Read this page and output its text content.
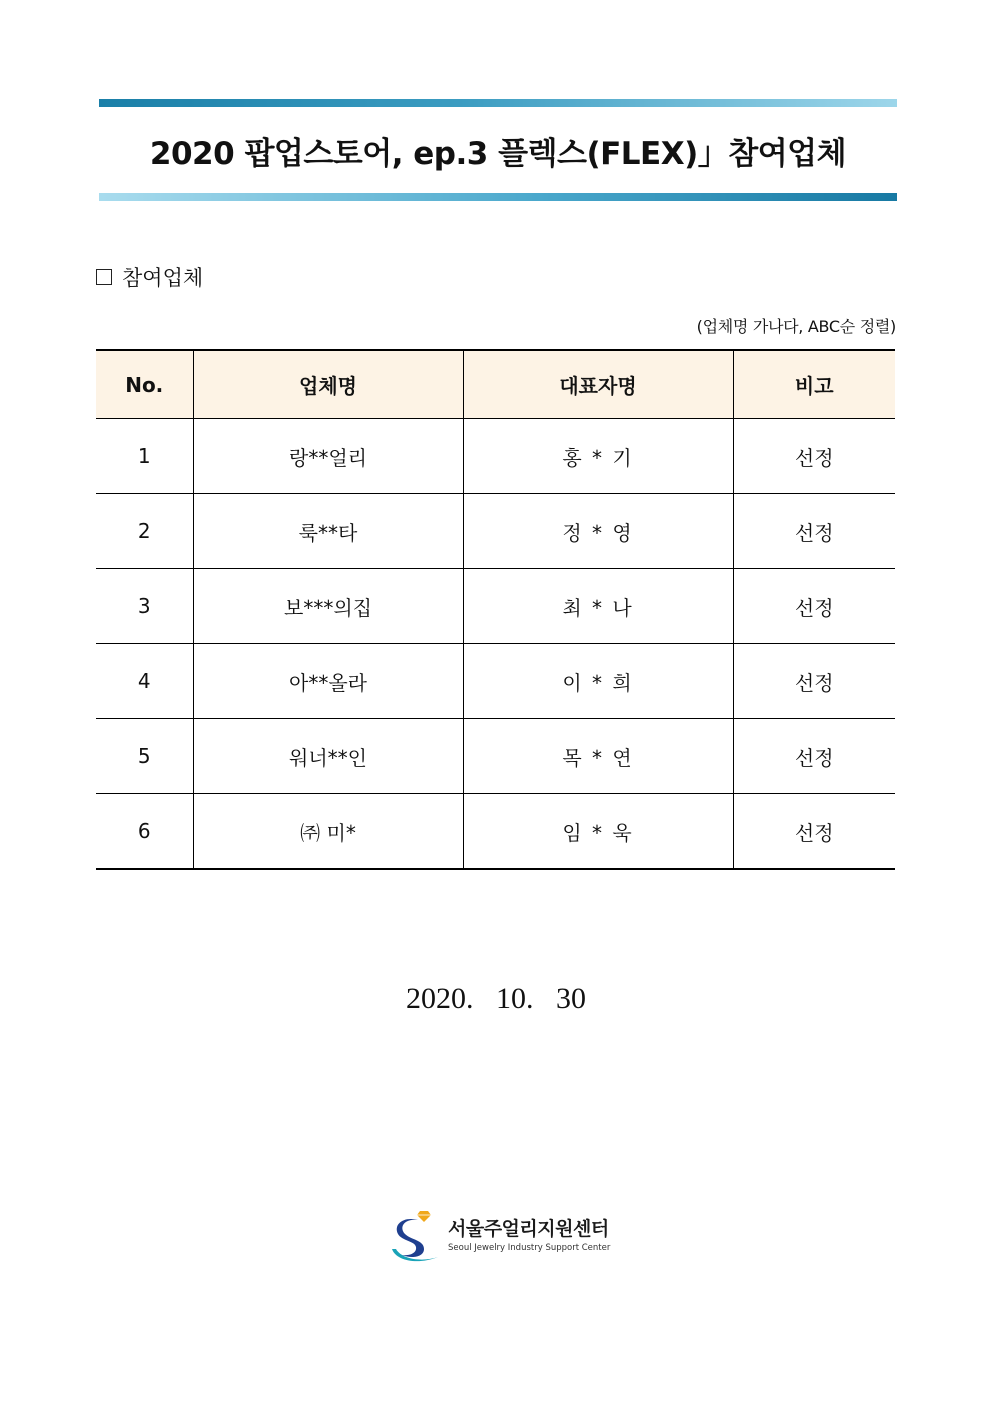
2020 팝업스토어, ep.3 플렉스(FLEX)」참여업체
참여업체
(업체명 가나다, ABC순 정렬)
No.	업체명	대표자명	비고
1	랑**얼리	홍 * 기	선정
2	룩**타	정 * 영	선정
3	보***의집	최 * 나	선정
4	아**올라	이 * 희	선정
5	워너**인	목 * 연	선정
6	㈜ 미*	임 * 욱	선정
2020.   10.   30
서울주얼리지원센터
Seoul Jewelry Industry Support Center
